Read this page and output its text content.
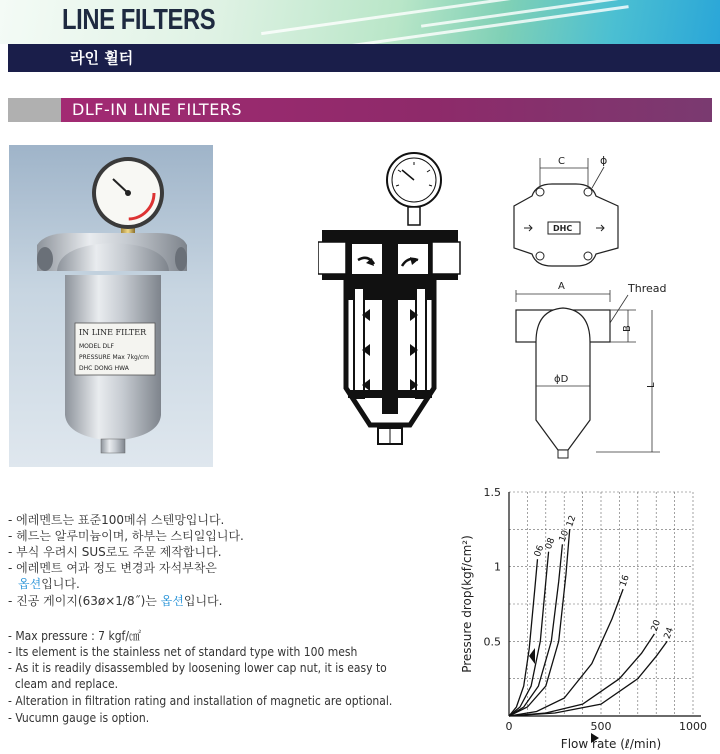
LINE FILTERS
라인 휠터
DLF-IN LINE FILTERS
IN LINE FILTER
MODEL DLF
PRESSURE Max 7kg/cm
DHC DONG HWA
C	ϕ
DHC
A	Thread
ϕD
B
L
- 에레멘트는 표준100메쉬 스텐망입니다.
- 헤드는 알루미늄이며, 하부는 스티일입니다.
- 부식 우려시 SUS로도 주문 제작합니다.
- 에레멘트 여과 정도 변경과 자석부착은
옵션입니다.
- 진공 게이지(63ø×1/8˝)는 옵션입니다.
- Max pressure : 7 kgf/㎠
- Its element is the stainless net of standard type with 100 mesh
- As it is readily disassembled by loosening lower cap nut, it is easy to
cleam and replace.
- Alteration in filtration rating and installation of magnetic are optional.
- Vucumn gauge is option.
0.5
1
1.5
0	500	1000
Flow rate (ℓ/min)
Pressure drop(kgf/cm²)	06
08
10
12
16
20
24
